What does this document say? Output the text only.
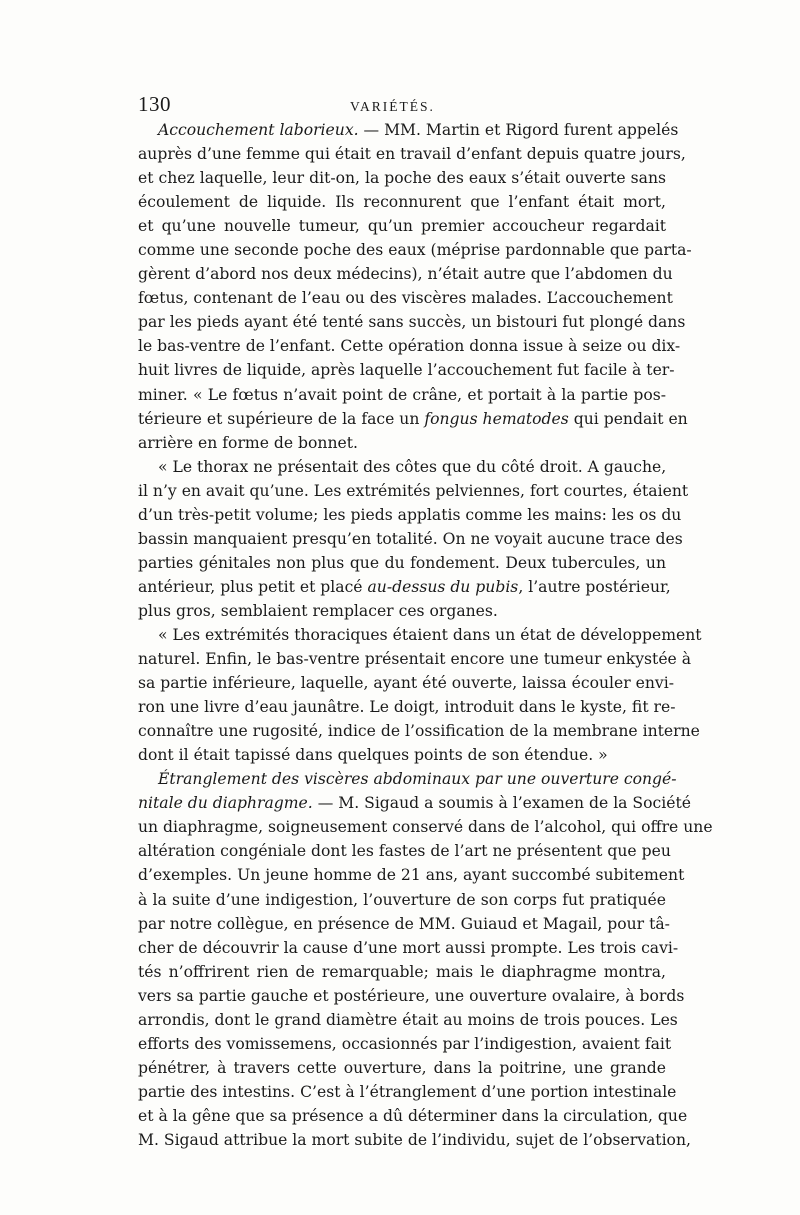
130	VARIÉTÉS.
Accouchement laborieux. — MM. Martin et Rigord furent appelés
auprès d’une femme qui était en travail d’enfant depuis quatre jours,
et chez laquelle, leur dit-on, la poche des eaux s’était ouverte sans
écoulement de liquide. Ils reconnurent que l’enfant était mort,
et qu’une nouvelle tumeur, qu’un premier accoucheur regardait
comme une seconde poche des eaux (méprise pardonnable que parta-
gèrent d’abord nos deux médecins), n’était autre que l’abdomen du
fœtus, contenant de l’eau ou des viscères malades. L’accouchement
par les pieds ayant été tenté sans succès, un bistouri fut plongé dans
le bas-ventre de l’enfant. Cette opération donna issue à seize ou dix-
huit livres de liquide, après laquelle l’accouchement fut facile à ter-
miner. « Le fœtus n’avait point de crâne, et portait à la partie pos-
térieure et supérieure de la face un fongus hematodes qui pendait en
arrière en forme de bonnet.
« Le thorax ne présentait des côtes que du côté droit. A gauche,
il n’y en avait qu’une. Les extrémités pelviennes, fort courtes, étaient
d’un très-petit volume; les pieds applatis comme les mains: les os du
bassin manquaient presqu’en totalité. On ne voyait aucune trace des
parties génitales non plus que du fondement. Deux tubercules, un
antérieur, plus petit et placé au-dessus du pubis, l’autre postérieur,
plus gros, semblaient remplacer ces organes.
« Les extrémités thoraciques étaient dans un état de développement
naturel. Enfin, le bas-ventre présentait encore une tumeur enkystée à
sa partie inférieure, laquelle, ayant été ouverte, laissa écouler envi-
ron une livre d’eau jaunâtre. Le doigt, introduit dans le kyste, fit re-
connaître une rugosité, indice de l’ossification de la membrane interne
dont il était tapissé dans quelques points de son étendue. »
Étranglement des viscères abdominaux par une ouverture congé-
nitale du diaphragme. — M. Sigaud a soumis à l’examen de la Société
un diaphragme, soigneusement conservé dans de l’alcohol, qui offre une
altération congéniale dont les fastes de l’art ne présentent que peu
d’exemples. Un jeune homme de 21 ans, ayant succombé subitement
à la suite d’une indigestion, l’ouverture de son corps fut pratiquée
par notre collègue, en présence de MM. Guiaud et Magail, pour tâ-
cher de découvrir la cause d’une mort aussi prompte. Les trois cavi-
tés n’offrirent rien de remarquable; mais le diaphragme montra,
vers sa partie gauche et postérieure, une ouverture ovalaire, à bords
arrondis, dont le grand diamètre était au moins de trois pouces. Les
efforts des vomissemens, occasionnés par l’indigestion, avaient fait
pénétrer, à travers cette ouverture, dans la poitrine, une grande
partie des intestins. C’est à l’étranglement d’une portion intestinale
et à la gêne que sa présence a dû déterminer dans la circulation, que
M. Sigaud attribue la mort subite de l’individu, sujet de l’observation,
